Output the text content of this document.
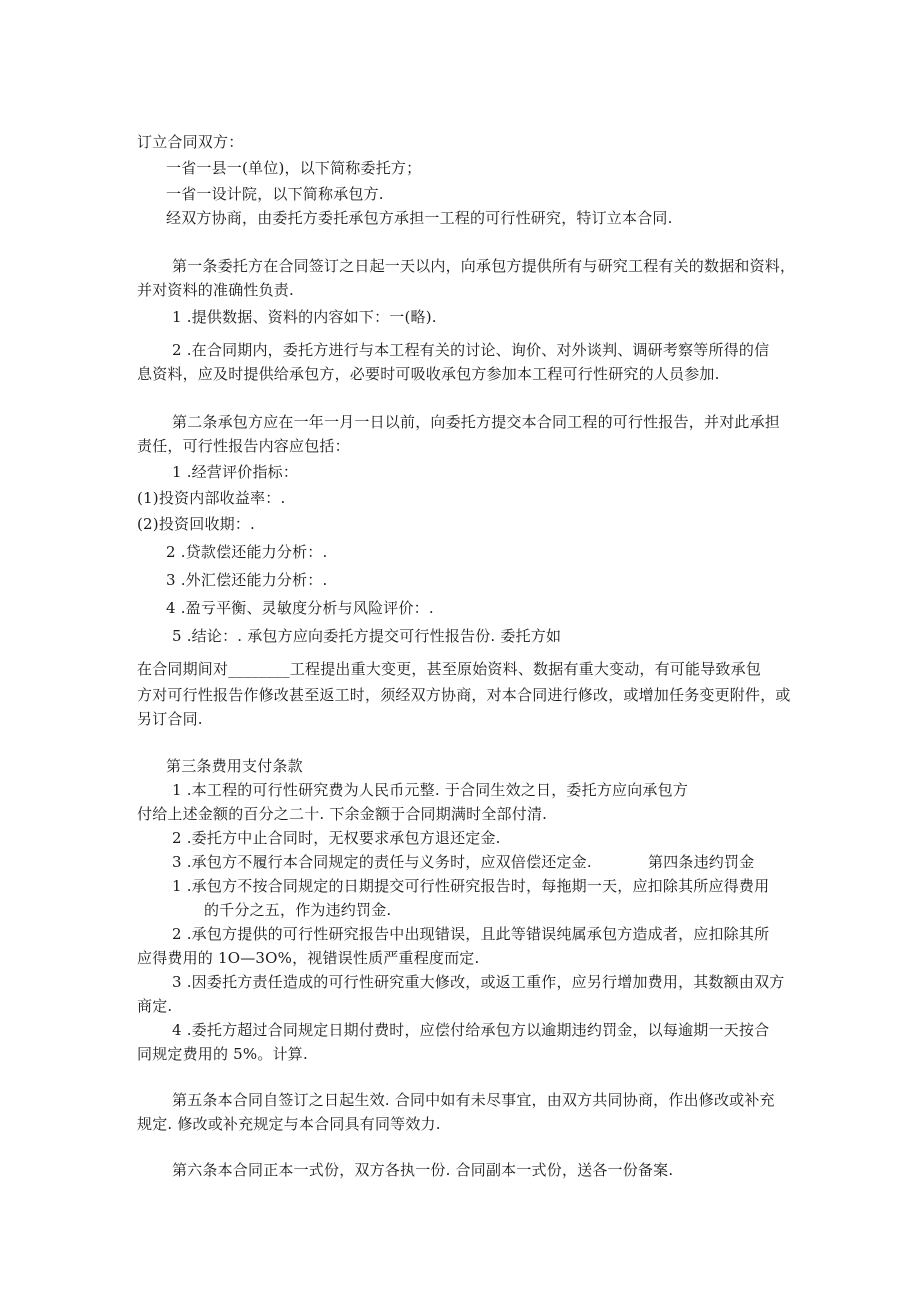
订立合同双方：
一省一县一(单位)，以下简称委托方；
一省一设计院，以下简称承包方.
经双方协商，由委托方委托承包方承担一工程的可行性研究，特订立本合同.
第一条委托方在合同签订之日起一天以内，向承包方提供所有与研究工程有关的数据和资料，
并对资料的准确性负责.
1 .提供数据、资料的内容如下：一(略).
2 .在合同期内，委托方进行与本工程有关的讨论、询价、对外谈判、调研考察等所得的信
息资料，应及时提供给承包方，必要时可吸收承包方参加本工程可行性研究的人员参加.
第二条承包方应在一年一月一日以前，向委托方提交本合同工程的可行性报告，并对此承担
责任，可行性报告内容应包括：
1 .经营评价指标：
(1)投资内部收益率：.
(2)投资回收期：.
2 .贷款偿还能力分析：.
3 .外汇偿还能力分析：.
4 .盈亏平衡、灵敏度分析与风险评价：.
5 .结论：. 承包方应向委托方提交可行性报告份. 委托方如
在合同期间对________工程提出重大变更，甚至原始资料、数据有重大变动，有可能导致承包
方对可行性报告作修改甚至返工时，须经双方协商，对本合同进行修改，或增加任务变更附件，或
另订合同.
第三条费用支付条款
1 .本工程的可行性研究费为人民币元整. 于合同生效之日，委托方应向承包方
付给上述金额的百分之二十. 下余金额于合同期满时全部付清.
2 .委托方中止合同时，无权要求承包方退还定金.
3 .承包方不履行本合同规定的责任与义务时，应双倍偿还定金.	第四条违约罚金
1 .承包方不按合同规定的日期提交可行性研究报告时，每拖期一天，应扣除其所应得费用
的千分之五，作为违约罚金.
2 .承包方提供的可行性研究报告中出现错误，且此等错误纯属承包方造成者，应扣除其所
应得费用的 1O—3O%，视错误性质严重程度而定.
3 .因委托方责任造成的可行性研究重大修改，或返工重作，应另行增加费用，其数额由双方
商定.
4 .委托方超过合同规定日期付费时，应偿付给承包方以逾期违约罚金，以每逾期一天按合
同规定费用的 5%。计算.
第五条本合同自签订之日起生效. 合同中如有未尽事宜，由双方共同协商，作出修改或补充
规定. 修改或补充规定与本合同具有同等效力.
第六条本合同正本一式份，双方各执一份. 合同副本一式份，送各一份备案.
